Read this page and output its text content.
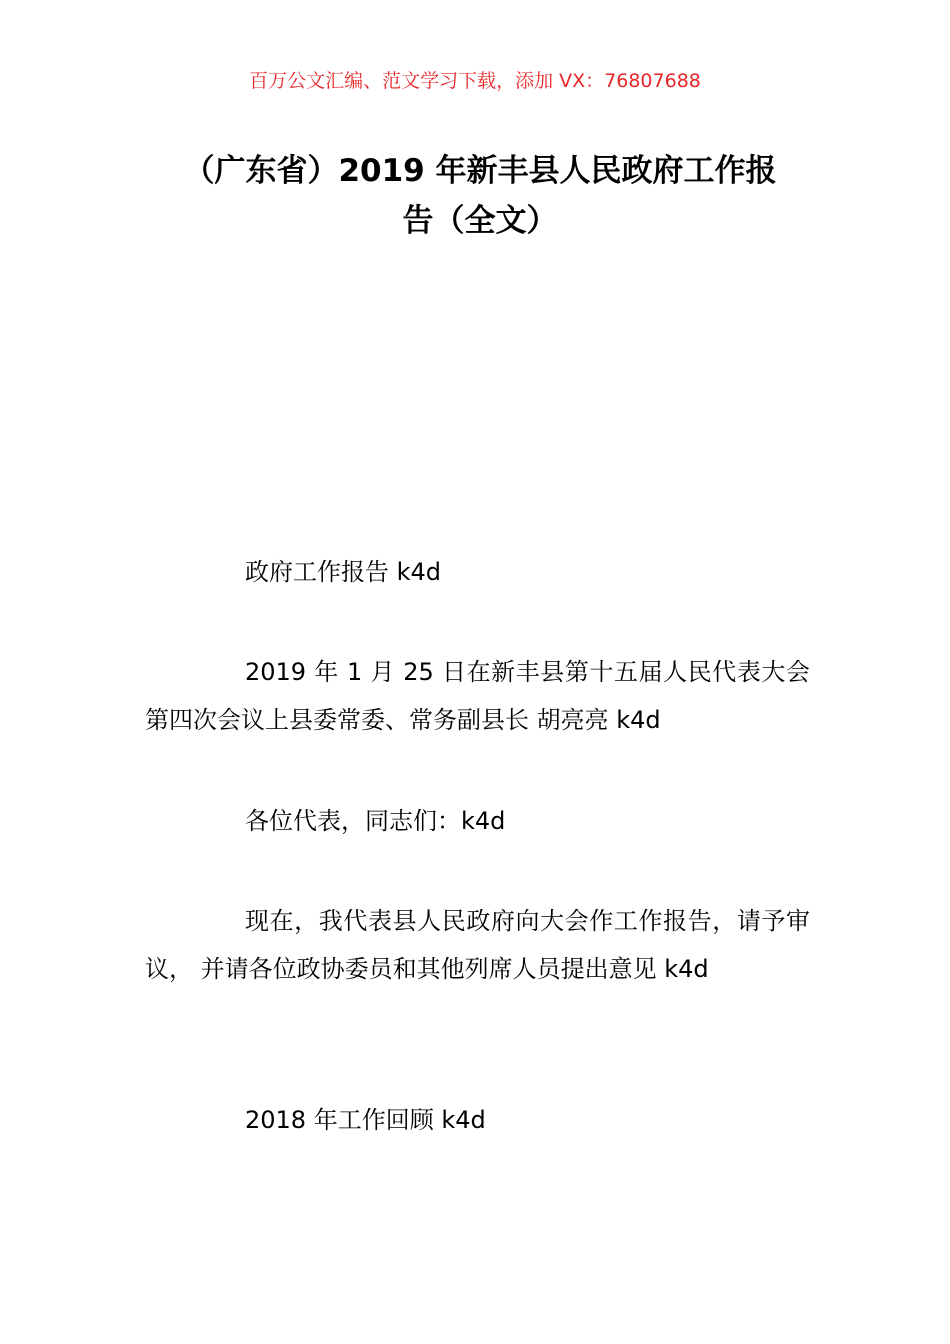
百万公文汇编、范文学习下载，添加 VX：76807688
（广东省）2019 年新丰县人民政府工作报
告（全文）

政府工作报告 k4d

2019 年 1 月 25 日在新丰县第十五届人民代表大会第四次会议上县委常委、常务副县长 胡亮亮 k4d

各位代表，同志们：k4d

现在，我代表县人民政府向大会作工作报告，请予审议， 并请各位政协委员和其他列席人员提出意见 k4d

2018 年工作回顾 k4d
